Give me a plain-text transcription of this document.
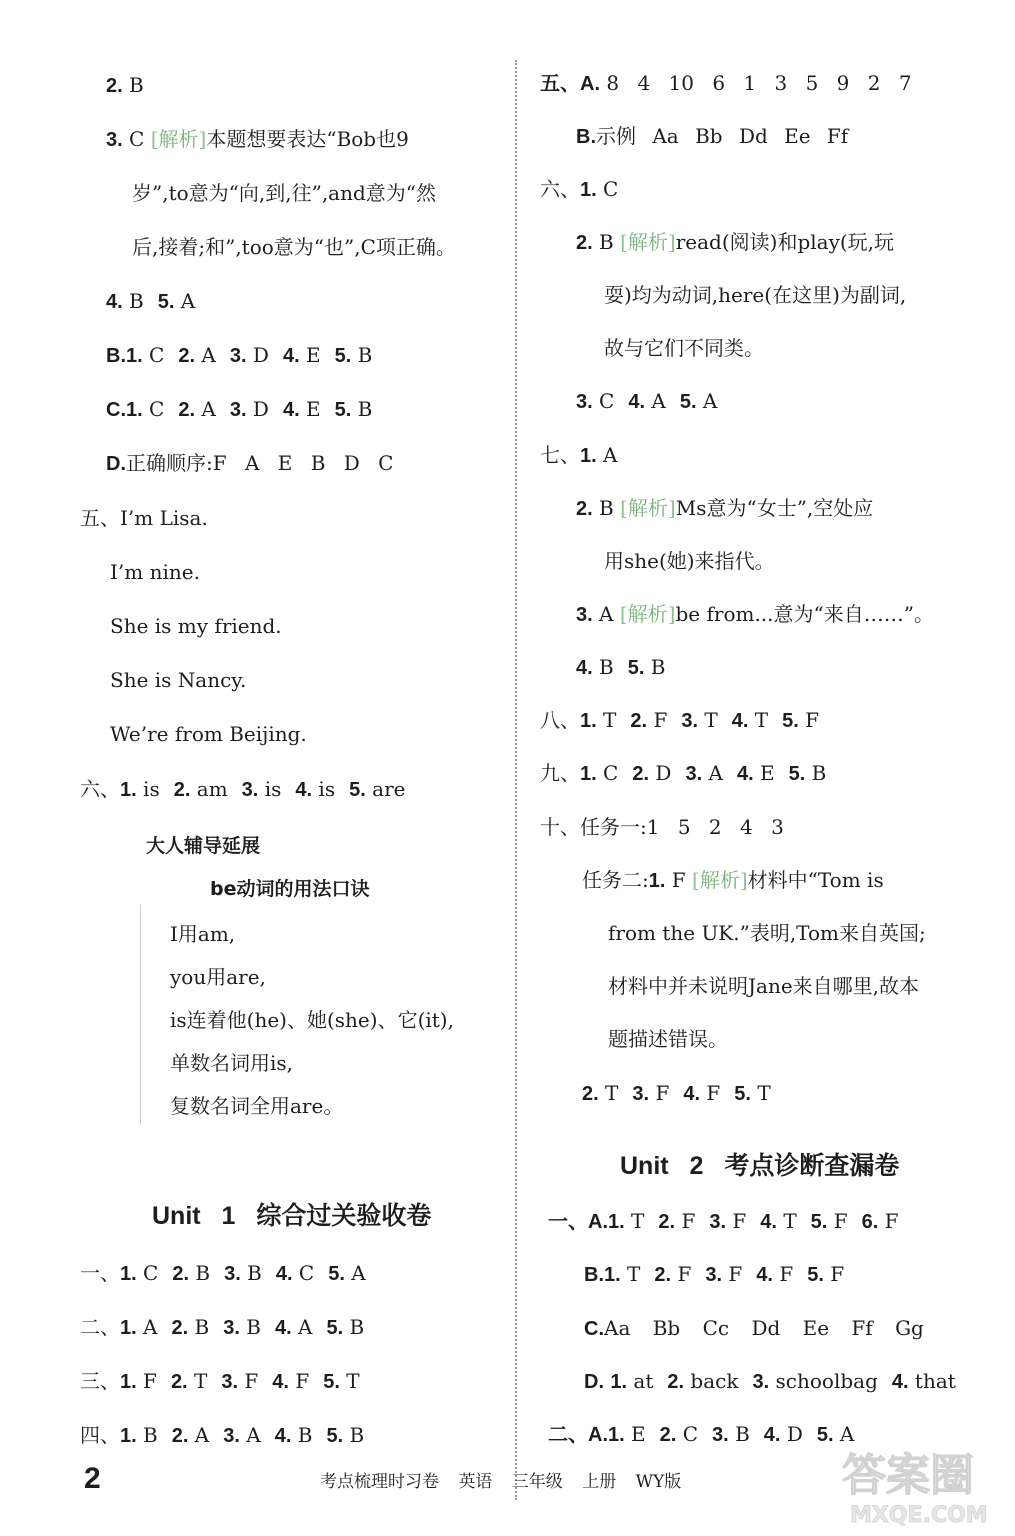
2. B
3. C [解析]本题想要表达“Bob也9
岁”,to意为“向,到,往”,and意为“然
后,接着;和”,too意为“也”,C项正确。
4. B 5. A
B.1. C 2. A 3. D 4. E 5. B
C.1. C 2. A 3. D 4. E 5. B
D.正确顺序:F A E B D C
五、I’m Lisa.
I’m nine.
She is my friend.
She is Nancy.
We’re from Beijing.
六、1. is 2. am 3. is 4. is 5. are
大人辅导延展
be动词的用法口诀
I用am,
you用are,
is连着他(he)、她(she)、它(it),
单数名词用is,
复数名词全用are。
Unit 1 综合过关验收卷
一、1. C 2. B 3. B 4. C 5. A
二、1. A 2. B 3. B 4. A 5. B
三、1. F 2. T 3. F 4. F 5. T
四、1. B 2. A 3. A 4. B 5. B
五、A. 8 4 10 6 1 3 5 9 2 7
B.示例 Aa Bb Dd Ee Ff
六、1. C
2. B [解析]read(阅读)和play(玩,玩
耍)均为动词,here(在这里)为副词,
故与它们不同类。
3. C 4. A 5. A
七、1. A
2. B [解析]Ms意为“女士”,空处应
用she(她)来指代。
3. A [解析]be from...意为“来自……”。
4. B 5. B
八、1. T 2. F 3. T 4. T 5. F
九、1. C 2. D 3. A 4. E 5. B
十、任务一:1 5 2 4 3
任务二:1. F [解析]材料中“Tom is
from the UK.”表明,Tom来自英国;
材料中并未说明Jane来自哪里,故本
题描述错误。
2. T 3. F 4. F 5. T
Unit 2 考点诊断查漏卷
一、A.1. T 2. F 3. F 4. T 5. F 6. F
B.1. T 2. F 3. F 4. F 5. F
C.Aa Bb Cc Dd Ee Ff Gg
D. 1. at 2. back 3. schoolbag 4. that
二、A.1. E 2. C 3. B 4. D 5. A
2	考点梳理时习卷 英语 三年级 上册 WY版	答案圈
MXQE.COM
